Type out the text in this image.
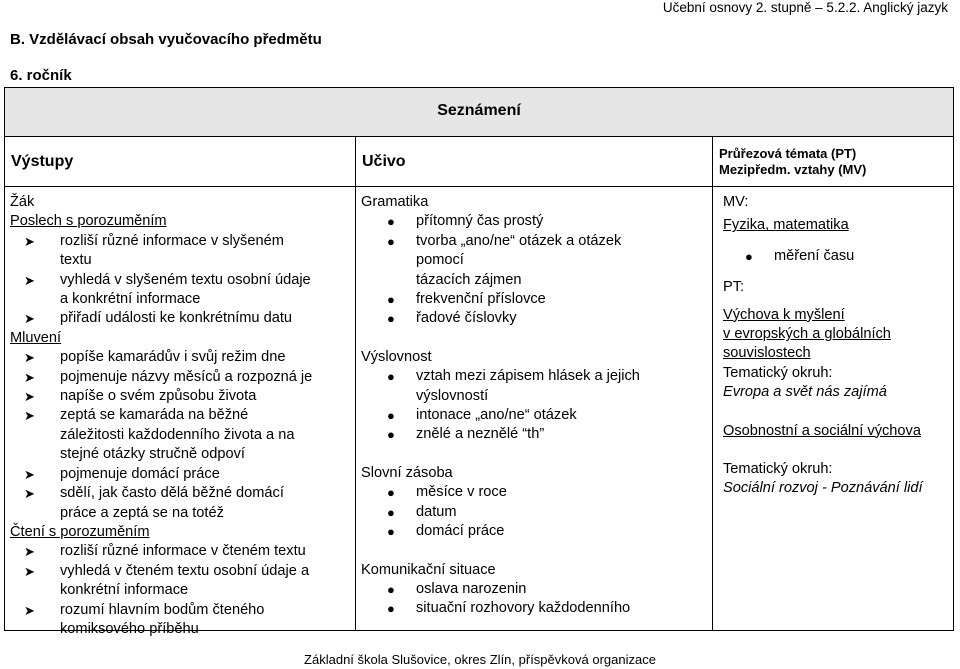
Učební osnovy 2. stupně – 5.2.2. Anglický jazyk
B. Vzdělávací obsah vyučovacího předmětu
6. ročník
Seznámení
Výstupy	Učivo	Průřezová témata (PT)
Mezipředm. vztahy (MV)
Žák
Poslech s porozuměním
➤ rozliší různé informace v slyšeném
textu
➤ vyhledá v slyšeném textu osobní údaje
a konkrétní informace
➤ přiřadí události ke konkrétnímu datu
Mluvení
➤ popíše kamarádův i svůj režim dne
➤ pojmenuje názvy měsíců a rozpozná je
➤ napíše o svém způsobu života
➤ zeptá se kamaráda na běžné
záležitosti každodenního života a na
stejné otázky stručně odpoví
➤ pojmenuje domácí práce
➤ sdělí, jak často dělá běžné domácí
práce a zeptá se na totéž
Čtení s porozuměním
➤ rozliší různé informace v čteném textu
➤ vyhledá v čteném textu osobní údaje a
konkrétní informace
➤ rozumí hlavním bodům čteného
komiksového příběhu
Gramatika
● přítomný čas prostý
● tvorba „ano/ne“ otázek a otázek
pomocí
tázacích zájmen
● frekvenční příslovce
● řadové číslovky
Výslovnost
● vztah mezi zápisem hlásek a jejich
výslovností
● intonace „ano/ne“ otázek
● znělé a neznělé “th”
Slovní zásoba
● měsíce v roce
● datum
● domácí práce
Komunikační situace
● oslava narozenin
● situační rozhovory každodenního
MV:
Fyzika, matematika
● měření času
PT:
Výchova k myšlení
v evropských a globálních
souvislostech
Tematický okruh:
Evropa a svět nás zajímá
Osobnostní a sociální výchova
Tematický okruh:
Sociální rozvoj - Poznávání lidí
Základní škola Slušovice, okres Zlín, příspěvková organizace
